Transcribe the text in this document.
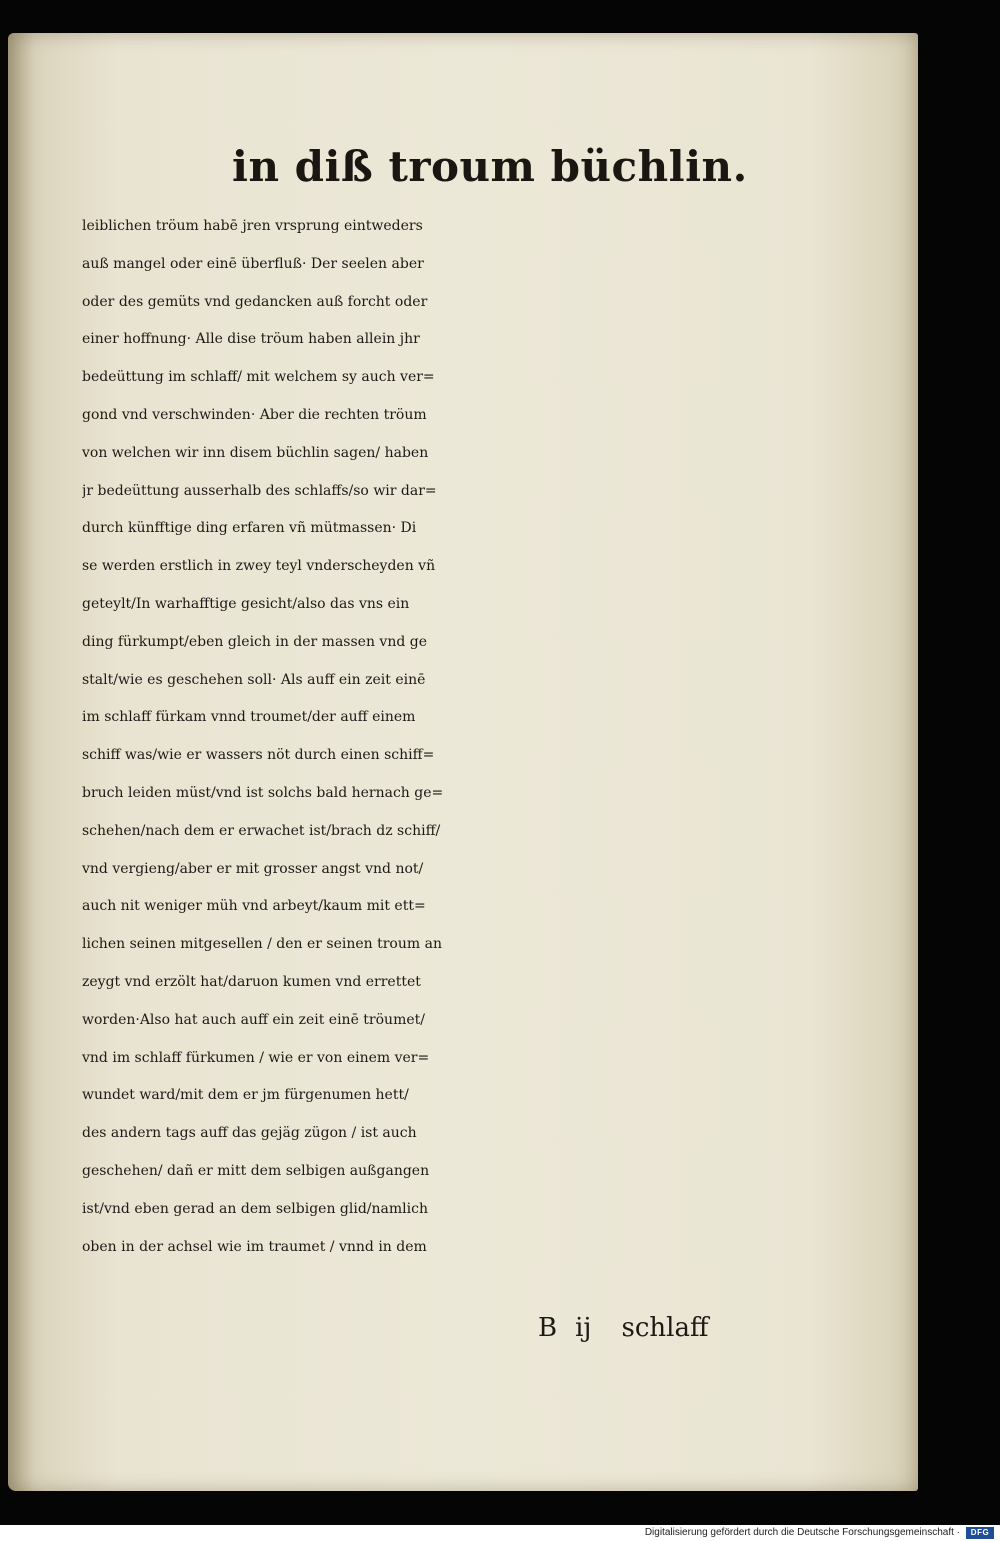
in diß troum büchlin.
leiblichen tröum habē jren vrsprung eintweders
auß mangel oder einē überfluß· Der seelen aber
oder des gemüts vnd gedancken auß forcht oder
einer hoffnung· Alle dise tröum haben allein jhr
bedeüttung im schlaff/ mit welchem sy auch ver=
gond vnd verschwinden· Aber die rechten tröum
von welchen wir inn disem büchlin sagen/ haben
jr bedeüttung ausserhalb des schlaffs/so wir dar=
durch künfftige ding erfaren vñ mütmassen· Di
se werden erstlich in zwey teyl vnderscheyden vñ
geteylt/In warhafftige gesicht/also das vns ein
ding fürkumpt/eben gleich in der massen vnd ge
stalt/wie es geschehen soll· Als auff ein zeit einē
im schlaff fürkam vnnd troumet/der auff einem
schiff was/wie er wassers nöt durch einen schiff=
bruch leiden müst/vnd ist solchs bald hernach ge=
schehen/nach dem er erwachet ist/brach dz schiff/
vnd vergieng/aber er mit grosser angst vnd not/
auch nit weniger müh vnd arbeyt/kaum mit ett=
lichen seinen mitgesellen / den er seinen troum an
zeygt vnd erzölt hat/daruon kumen vnd errettet
worden·Also hat auch auff ein zeit einē tröumet/
vnd im schlaff fürkumen / wie er von einem ver=
wundet ward/mit dem er jm fürgenumen hett/
des andern tags auff das gejäg zügon / ist auch
geschehen/ dañ er mitt dem selbigen außgangen
ist/vnd eben gerad an dem selbigen glid/namlich
oben in der achsel wie im traumet / vnnd in dem
B ij schlaff
Digitalisierung gefördert durch die Deutsche Forschungsgemeinschaft ·	DFG
